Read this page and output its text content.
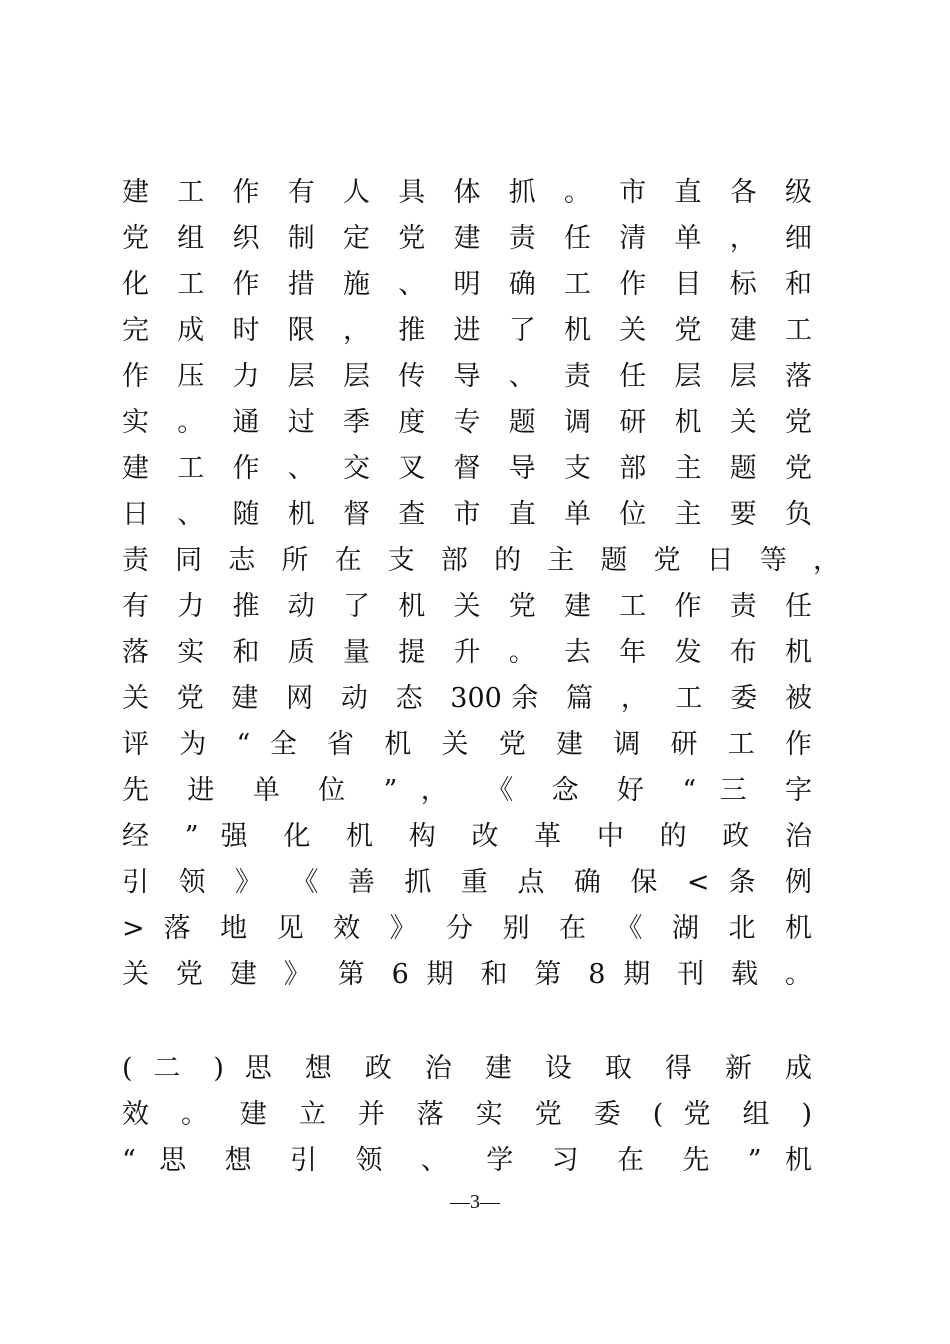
建 工 作 有 人 具 体 抓 。 市 直 各 级
党 组 织 制 定 党 建 责 任 清 单 ， 细
化 工 作 措 施 、 明 确 工 作 目 标 和
完 成 时 限 ， 推 进 了 机 关 党 建 工
作 压 力 层 层 传 导 、 责 任 层 层 落
实 。 通 过 季 度 专 题 调 研 机 关 党
建 工 作 、 交 叉 督 导 支 部 主 题 党
日 、 随 机 督 查 市 直 单 位 主 要 负
责 同 志 所 在 支 部 的 主 题 党 日 等 ，
有 力 推 动 了 机 关 党 建 工 作 责 任
落 实 和 质 量 提 升 。 去 年 发 布 机
关 党 建 网 动 态 300余 篇 ， 工 委 被
评 为 “ 全 省 机 关 党 建 调 研 工 作
先 进 单 位 ” ， 《 念 好 “ 三 字
经 ” 强 化 机 构 改 革 中 的 政 治
引 领 》 《 善 抓 重 点 确 保 < 条 例
> 落 地 见 效 》 分 别 在 《 湖 北 机
关 党 建 》 第 6 期 和 第 8 期 刊 载 。
( 二 ) 思 想 政 治 建 设 取 得 新 成
效 。 建 立 并 落 实 党 委 ( 党 组 )
“ 思 想 引 领 、 学 习 在 先 ” 机
—3—
